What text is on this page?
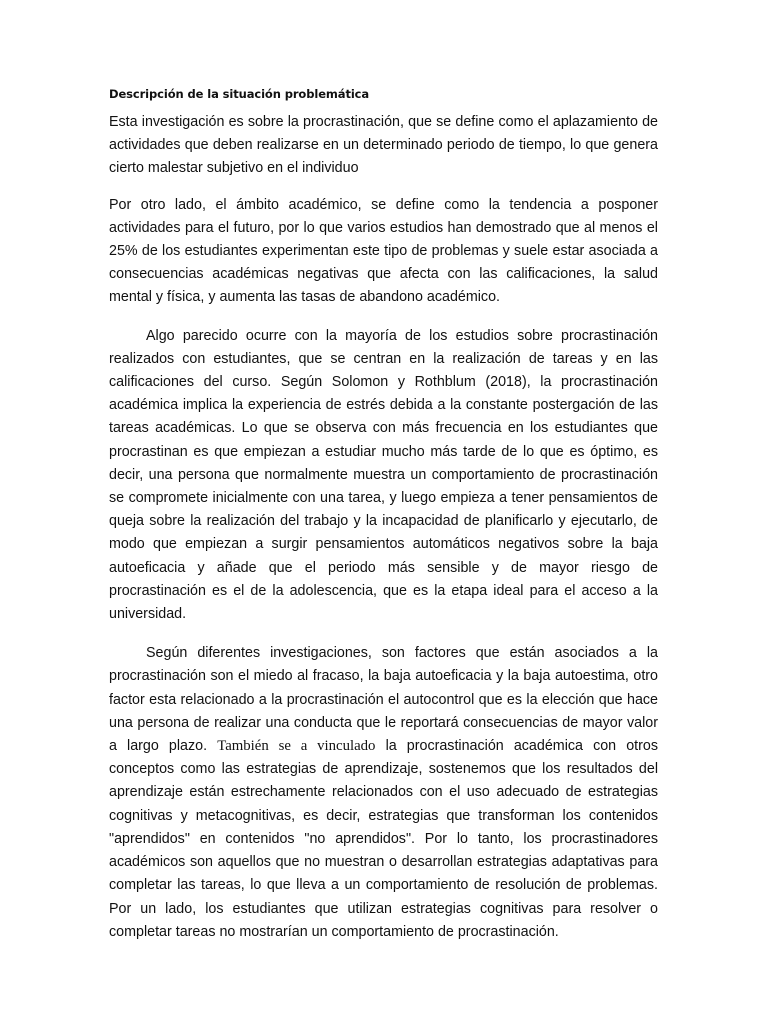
Descripción de la situación problemática

Esta investigación es sobre la procrastinación, que se define como el aplazamiento de actividades que deben realizarse en un determinado periodo de tiempo, lo que genera cierto malestar subjetivo en el individuo

Por otro lado, el ámbito académico, se define como la tendencia a posponer actividades para el futuro, por lo que varios estudios han demostrado que al menos el 25% de los estudiantes experimentan este tipo de problemas y suele estar asociada a consecuencias académicas negativas que afecta con las calificaciones, la salud mental y física, y aumenta las tasas de abandono académico.

Algo parecido ocurre con la mayoría de los estudios sobre procrastinación realizados con estudiantes, que se centran en la realización de tareas y en las calificaciones del curso. Según Solomon y Rothblum (2018), la procrastinación académica implica la experiencia de estrés debida a la constante postergación de las tareas académicas. Lo que se observa con más frecuencia en los estudiantes que procrastinan es que empiezan a estudiar mucho más tarde de lo que es óptimo, es decir, una persona que normalmente muestra un comportamiento de procrastinación se compromete inicialmente con una tarea, y luego empieza a tener pensamientos de queja sobre la realización del trabajo y la incapacidad de planificarlo y ejecutarlo, de modo que empiezan a surgir pensamientos automáticos negativos sobre la baja autoeficacia y añade que el periodo más sensible y de mayor riesgo de procrastinación es el de la adolescencia, que es la etapa ideal para el acceso a la universidad.

Según diferentes investigaciones, son factores que están asociados a la procrastinación son el miedo al fracaso, la baja autoeficacia y la baja autoestima, otro factor esta relacionado a la procrastinación el autocontrol que es la elección que hace una persona de realizar una conducta que le reportará consecuencias de mayor valor a largo plazo. También se a vinculado la procrastinación académica con otros conceptos como las estrategias de aprendizaje, sostenemos que los resultados del aprendizaje están estrechamente relacionados con el uso adecuado de estrategias cognitivas y metacognitivas, es decir, estrategias que transforman los contenidos "aprendidos" en contenidos "no aprendidos". Por lo tanto, los procrastinadores académicos son aquellos que no muestran o desarrollan estrategias adaptativas para completar las tareas, lo que lleva a un comportamiento de resolución de problemas. Por un lado, los estudiantes que utilizan estrategias cognitivas para resolver o completar tareas no mostrarían un comportamiento de procrastinación.
